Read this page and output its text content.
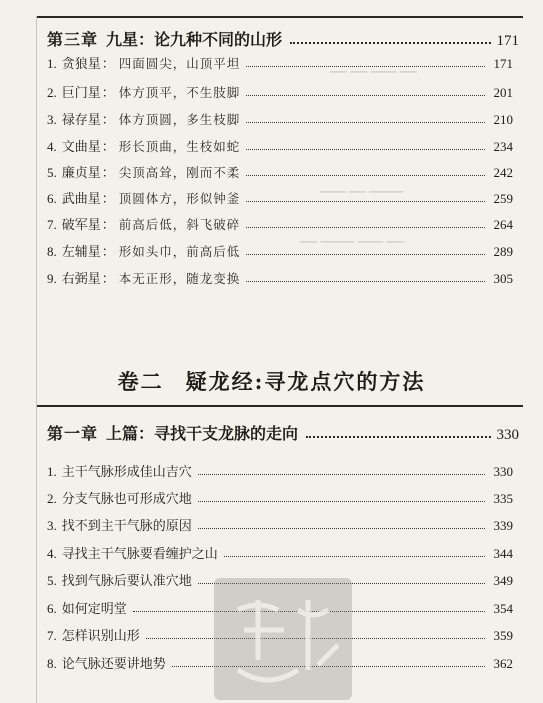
▁▁ ▁▁ ▁▁▁ ▁▁
▁▁▁ ▁▁ ▁▁▁▁
▁▁ ▁▁▁▁ ▁▁▁ ▁▁
第三章 九星：论九种不同的山形	171
1. 贪狼星 ： 四面圆尖，山顶平坦	171
2. 巨门星 ： 体方顶平，不生肢脚	201
3. 禄存星 ： 体方顶圆，多生枝脚	210
4. 文曲星 ： 形长顶曲，生枝如蛇	234
5. 廉贞星 ： 尖顶高耸，刚而不柔	242
6. 武曲星 ： 顶圆体方，形似钟釜	259
7. 破军星 ： 前高后低，斜飞破碎	264
8. 左辅星 ： 形如头巾，前高后低	289
9. 右弼星 ： 本无正形，随龙变换	305
卷二 疑龙经:寻龙点穴的方法
第一章 上篇：寻找干支龙脉的走向	330
1. 主干气脉形成佳山吉穴	330
2. 分支气脉也可形成穴地	335
3. 找不到主干气脉的原因	339
4. 寻找主干气脉要看缠护之山	344
5. 找到气脉后要认准穴地	349
6. 如何定明堂	354
7. 怎样识别山形	359
8. 论气脉还要讲地势	362
